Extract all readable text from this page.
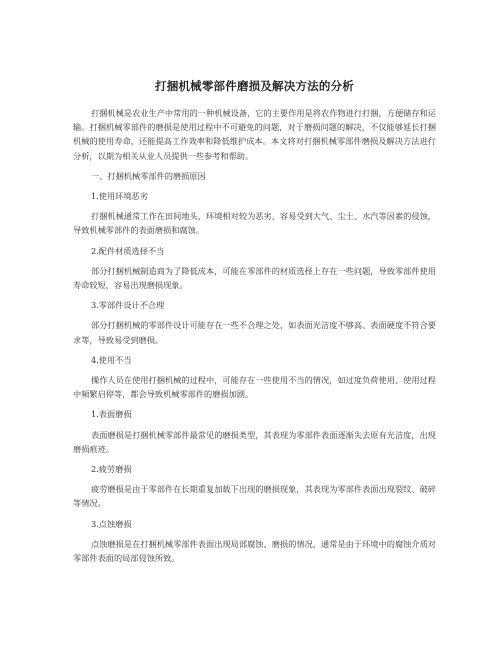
打捆机械零部件磨损及解决方法的分析

打捆机械是农业生产中常用的一种机械设备，它的主要作用是将农作物进行打捆，方便储存和运输。打捆机械零部件的磨损是使用过程中不可避免的问题，对于磨损问题的解决，不仅能够延长打捆机械的使用寿命，还能提高工作效率和降低维护成本。本文将对打捆机械零部件磨损及解决方法进行分析，以期为相关从业人员提供一些参考和帮助。

一、打捆机械零部件的磨损原因

1.使用环境恶劣

打捆机械通常工作在田间地头，环境相对较为恶劣，容易受到大气、尘土、水汽等因素的侵蚀，导致机械零部件的表面磨损和腐蚀。

2.配件材质选择不当

部分打捆机械制造商为了降低成本，可能在零部件的材质选择上存在一些问题，导致零部件使用寿命较短，容易出现磨损现象。

3.零部件设计不合理

部分打捆机械的零部件设计可能存在一些不合理之处，如表面光洁度不够高、表面硬度不符合要求等，导致易受到磨损。

4.使用不当

操作人员在使用打捆机械的过程中，可能存在一些使用不当的情况，如过度负荷使用、使用过程中频繁启停等，都会导致机械零部件的磨损加剧。

1.表面磨损

表面磨损是打捆机械零部件最常见的磨损类型，其表现为零部件表面逐渐失去原有光洁度，出现磨损痕迹。

2.疲劳磨损

疲劳磨损是由于零部件在长期重复加载下出现的磨损现象，其表现为零部件表面出现裂纹、破碎等情况。

3.点蚀磨损

点蚀磨损是在打捆机械零部件表面出现局部腐蚀、磨损的情况，通常是由于环境中的腐蚀介质对零部件表面的局部侵蚀所致。
